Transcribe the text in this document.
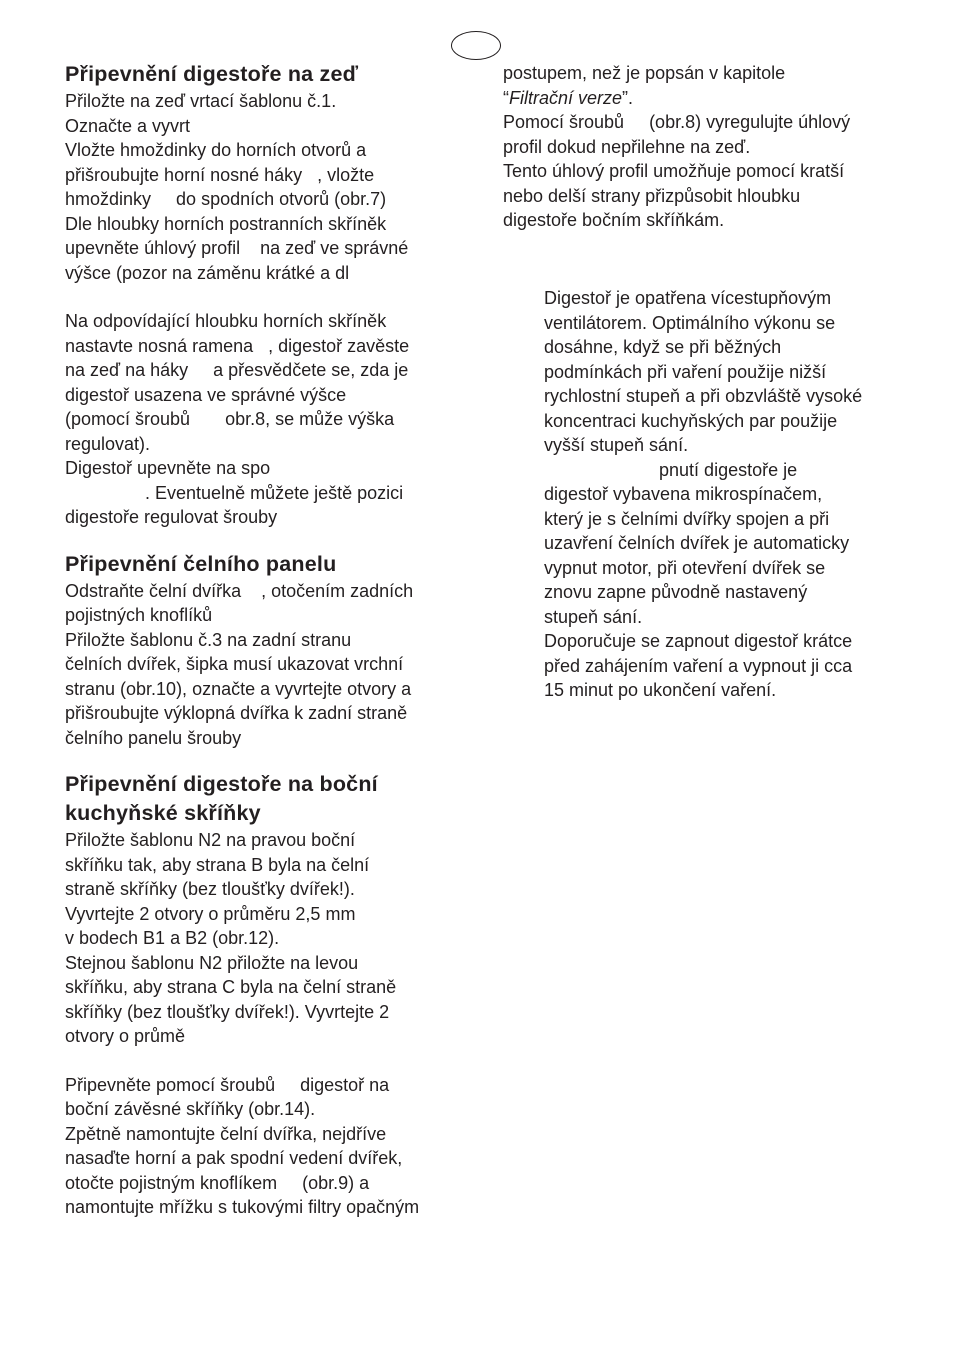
Připevnění digestoře na zeď

Přiložte na zeď vrtací šablonu č.1.

Označte a vyvrt

Vložte hmoždinky do horních otvorů a

přišroubujte horní nosné háky   , vložte

hmoždinky     do spodních otvorů (obr.7)

Dle hloubky horních postranních skříněk

upevněte úhlový profil    na zeď ve správné

výšce (pozor na záměnu krátké a dl

Na odpovídající hloubku horních skříněk

nastavte nosná ramena   , digestoř zavěste

na zeď na háky     a přesvědčete se, zda je

digestoř usazena ve správné výšce

(pomocí šroubů       obr.8, se může výška

regulovat).

Digestoř upevněte na spo

. Eventuelně můžete ještě pozici

digestoře regulovat šrouby

Připevnění čelního panelu

Odstraňte čelní dvířka    , otočením zadních

pojistných knoflíků

Přiložte šablonu č.3 na zadní stranu

čelních dvířek, šipka musí ukazovat vrchní

stranu (obr.10), označte a vyvrtejte otvory a

přišroubujte výklopná dvířka k zadní straně

čelního panelu šrouby

Připevnění digestoře na boční
kuchyňské skříňky

Přiložte šablonu N2 na pravou boční

skříňku tak, aby strana B byla na čelní

straně skříňky (bez tloušťky dvířek!).

Vyvrtejte 2 otvory o průměru 2,5 mm

v bodech B1 a B2 (obr.12).

Stejnou šablonu N2 přiložte na levou

skříňku, aby strana C byla na čelní straně

skříňky (bez tloušťky dvířek!). Vyvrtejte 2

otvory o průmě

Připevněte pomocí šroubů     digestoř na

boční závěsné skříňky (obr.14).

Zpětně namontujte čelní dvířka, nejdříve

nasaďte horní a pak spodní vedení dvířek,

otočte pojistným knoflíkem     (obr.9) a

namontujte mřížku s tukovými filtry opačným

postupem, než je popsán v kapitole

“Filtrační verze”.

Pomocí šroubů     (obr.8) vyregulujte úhlový

profil dokud nepřilehne na zeď.

Tento úhlový profil umožňuje pomocí kratší

nebo delší strany přizpůsobit hloubku

digestoře bočním skříňkám.

Digestoř je opatřena vícestupňovým

ventilátorem. Optimálního výkonu se

dosáhne, když se při běžných

podmínkách při vaření použije nižší

rychlostní stupeň a při obzvláště vysoké

koncentraci kuchyňských par použije

vyšší stupeň sání.

pnutí digestoře je

digestoř vybavena mikrospínačem,

který je s čelními dvířky spojen a při

uzavření čelních dvířek je automaticky

vypnut motor, při otevření dvířek se

znovu zapne původně nastavený

stupeň sání.

Doporučuje se zapnout digestoř krátce

před zahájením vaření a vypnout ji cca

15 minut po ukončení vaření.
